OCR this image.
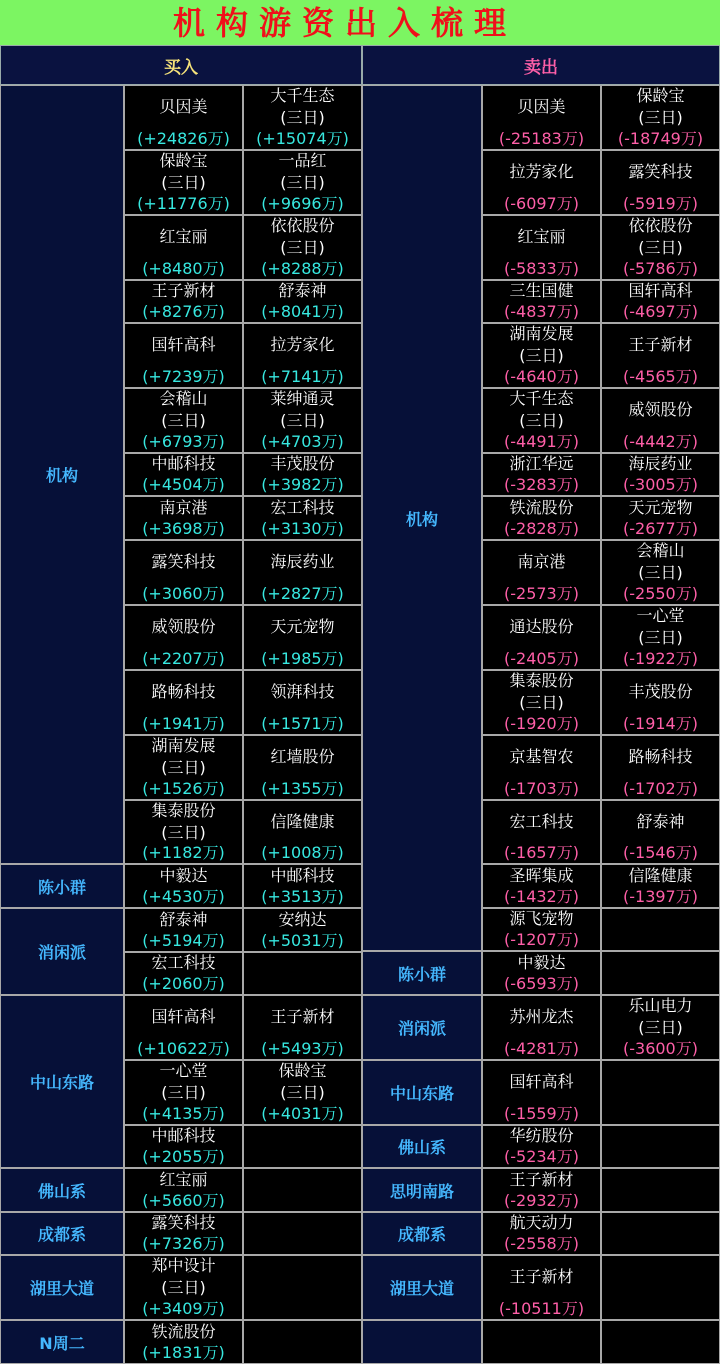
机构游资出入梳理
买入	卖出
机构
陈小群
消闲派
中山东路
佛山系
成都系
湖里大道
N周二
贝因美
(+24826万)
大千生态
(三日)
(+15074万)
保龄宝
(三日)
(+11776万)
一品红
(三日)
(+9696万)
红宝丽
(+8480万)
依依股份
(三日)
(+8288万)
王子新材
(+8276万)
舒泰神
(+8041万)
国轩高科
(+7239万)
拉芳家化
(+7141万)
会稽山
(三日)
(+6793万)
莱绅通灵
(三日)
(+4703万)
中邮科技
(+4504万)
丰茂股份
(+3982万)
南京港
(+3698万)
宏工科技
(+3130万)
露笑科技
(+3060万)
海辰药业
(+2827万)
威领股份
(+2207万)
天元宠物
(+1985万)
路畅科技
(+1941万)
领湃科技
(+1571万)
湖南发展
(三日)
(+1526万)
红墙股份
(+1355万)
集泰股份
(三日)
(+1182万)
信隆健康
(+1008万)
中毅达
(+4530万)
中邮科技
(+3513万)
舒泰神
(+5194万)
安纳达
(+5031万)
宏工科技
(+2060万)
国轩高科
(+10622万)
王子新材
(+5493万)
一心堂
(三日)
(+4135万)
保龄宝
(三日)
(+4031万)
中邮科技
(+2055万)
红宝丽
(+5660万)
露笑科技
(+7326万)
郑中设计
(三日)
(+3409万)
铁流股份
(+1831万)
机构
陈小群
消闲派
中山东路
佛山系
思明南路
成都系
湖里大道
贝因美
(-25183万)
保龄宝
(三日)
(-18749万)
拉芳家化
(-6097万)
露笑科技
(-5919万)
红宝丽
(-5833万)
依依股份
(三日)
(-5786万)
三生国健
(-4837万)
国轩高科
(-4697万)
湖南发展
(三日)
(-4640万)
王子新材
(-4565万)
大千生态
(三日)
(-4491万)
威领股份
(-4442万)
浙江华远
(-3283万)
海辰药业
(-3005万)
铁流股份
(-2828万)
天元宠物
(-2677万)
南京港
(-2573万)
会稽山
(三日)
(-2550万)
通达股份
(-2405万)
一心堂
(三日)
(-1922万)
集泰股份
(三日)
(-1920万)
丰茂股份
(-1914万)
京基智农
(-1703万)
路畅科技
(-1702万)
宏工科技
(-1657万)
舒泰神
(-1546万)
圣晖集成
(-1432万)
信隆健康
(-1397万)
源飞宠物
(-1207万)
中毅达
(-6593万)
苏州龙杰
(-4281万)
乐山电力
(三日)
(-3600万)
国轩高科
(-1559万)
华纺股份
(-5234万)
王子新材
(-2932万)
航天动力
(-2558万)
王子新材
(-10511万)
